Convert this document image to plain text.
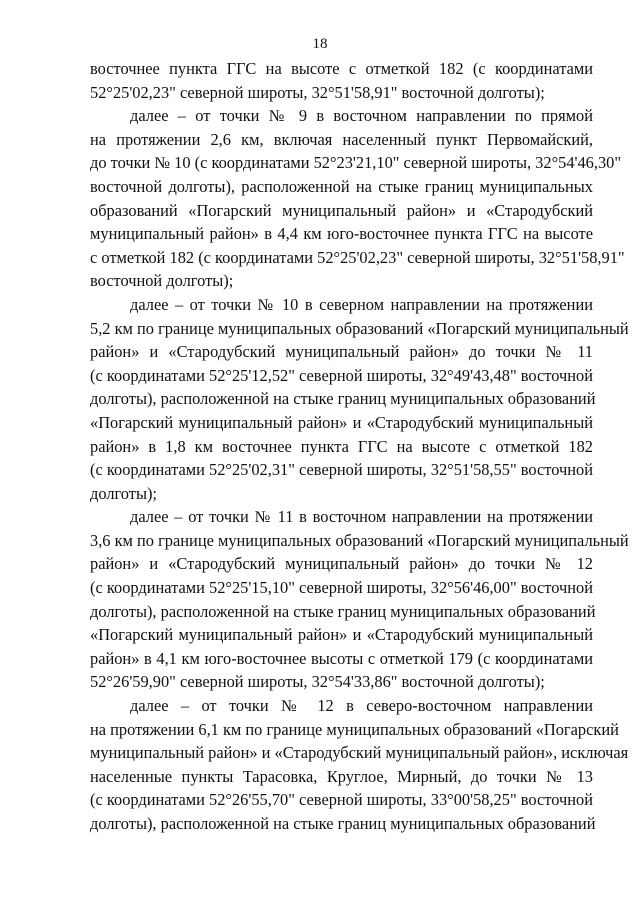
18
восточнее пункта ГГС на высоте с отметкой 182 (с координатами
52°25'02,23" северной широты, 32°51'58,91" восточной долготы);
далее – от точки № 9 в восточном направлении по прямой
на протяжении 2,6 км, включая населенный пункт Первомайский,
до точки № 10 (с координатами 52°23'21,10" северной широты, 32°54'46,30"
восточной долготы), расположенной на стыке границ муниципальных
образований «Погарский муниципальный район» и «Стародубский
муниципальный район» в 4,4 км юго-восточнее пункта ГГС на высоте
с отметкой 182 (с координатами 52°25'02,23" северной широты, 32°51'58,91"
восточной долготы);
далее – от точки № 10 в северном направлении на протяжении
5,2 км по границе муниципальных образований «Погарский муниципальный
район» и «Стародубский муниципальный район» до точки № 11
(с координатами 52°25'12,52" северной широты, 32°49'43,48" восточной
долготы), расположенной на стыке границ муниципальных образований
«Погарский муниципальный район» и «Стародубский муниципальный
район» в 1,8 км восточнее пункта ГГС на высоте с отметкой 182
(с координатами 52°25'02,31" северной широты, 32°51'58,55" восточной
долготы);
далее – от точки № 11 в восточном направлении на протяжении
3,6 км по границе муниципальных образований «Погарский муниципальный
район» и «Стародубский муниципальный район» до точки № 12
(с координатами 52°25'15,10" северной широты, 32°56'46,00" восточной
долготы), расположенной на стыке границ муниципальных образований
«Погарский муниципальный район» и «Стародубский муниципальный
район» в 4,1 км юго-восточнее высоты с отметкой 179 (с координатами
52°26'59,90" северной широты, 32°54'33,86" восточной долготы);
далее – от точки № 12 в северо-восточном направлении
на протяжении 6,1 км по границе муниципальных образований «Погарский
муниципальный район» и «Стародубский муниципальный район», исключая
населенные пункты Тарасовка, Круглое, Мирный, до точки № 13
(с координатами 52°26'55,70" северной широты, 33°00'58,25" восточной
долготы), расположенной на стыке границ муниципальных образований
